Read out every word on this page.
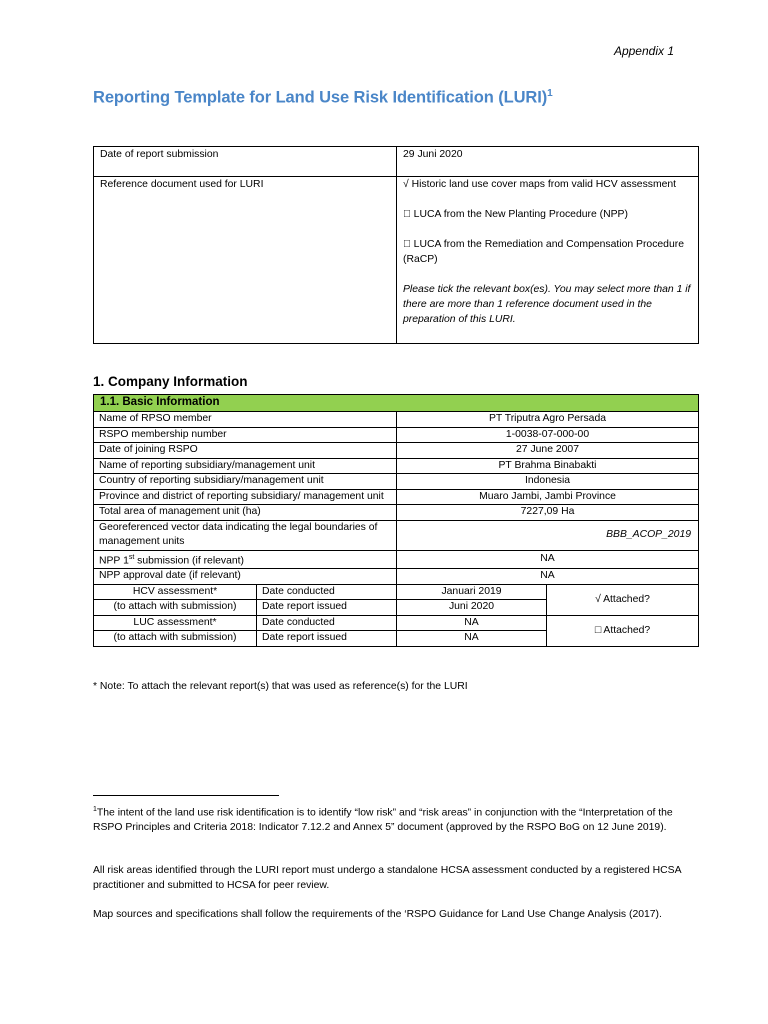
Appendix 1
Reporting Template for Land Use Risk Identification (LURI)$^1$
Date of report submission	29 Juni 2020
Reference document used for LURI	√ Historic land use cover maps from valid HCV assessment

LUCA from the New Planting Procedure (NPP)

LUCA from the Remediation and Compensation Procedure (RaCP)

Please tick the relevant box(es). You may select more than 1 if there are more than 1 reference document used in the preparation of this LURI.

1. Company Information
1.1. Basic Information			
Name of RPSO member		PT Triputra Agro Persada	
RSPO membership number		1-0038-07-000-00	
Date of joining RSPO		27 June 2007	
Name of reporting subsidiary/management unit		PT Brahma Binabakti	
Country of reporting subsidiary/management unit		Indonesia	
Province and district of reporting subsidiary/ management unit		Muaro Jambi, Jambi Province	
Total area of management unit (ha)		7227,09 Ha	
Georeferenced vector data indicating the legal boundaries of management units		BBB_ACOP_2019	
NPP 1st submission (if relevant)		NA	
NPP approval date (if relevant)		NA	
HCV assessment*	Date conducted	Januari 2019	√ Attached?
(to attach with submission)	Date report issued	Juni 2020	
LUC assessment*	Date conducted	NA	□ Attached?
(to attach with submission)	Date report issued	NA	
* Note: To attach the relevant report(s) that was used as reference(s) for the LURI

$^1$The intent of the land use risk identification is to identify “low risk” and “risk areas” in conjunction with the “Interpretation of the RSPO Principles and Criteria 2018: Indicator 7.12.2 and Annex 5” document (approved by the RSPO BoG on 12 June 2019).

All risk areas identified through the LURI report must undergo a standalone HCSA assessment conducted by a registered HCSA practitioner and submitted to HCSA for peer review.

Map sources and specifications shall follow the requirements of the ‘RSPO Guidance for Land Use Change Analysis (2017).
